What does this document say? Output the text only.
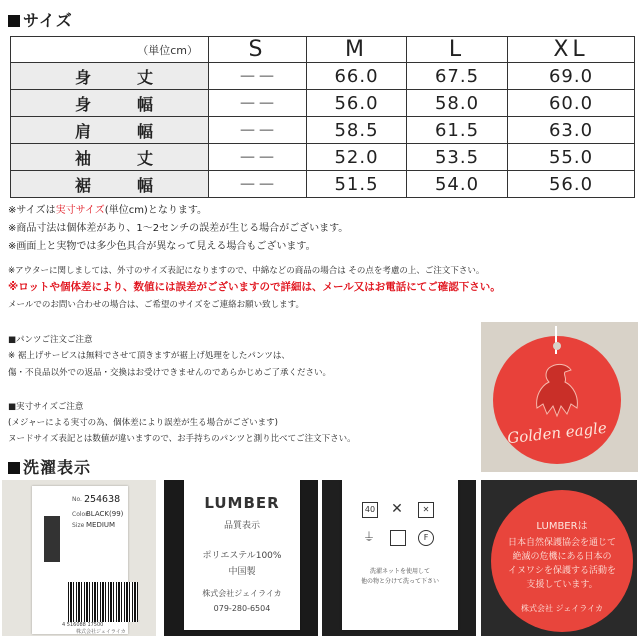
サイズ
（単位cm）	S	M	L	XL
身 丈	－－	66.0	67.5	69.0
身 幅	－－	56.0	58.0	60.0
肩 幅	－－	58.5	61.5	63.0
袖 丈	－－	52.0	53.5	55.0
裾 幅	－－	51.5	54.0	56.0
※サイズは実寸サイズ(単位cm)となります。
※商品寸法は個体差があり、1～2センチの誤差が生じる場合がございます。
※画面上と実物では多少色具合が異なって見える場合もございます。
※アウターに関しましては、外寸のサイズ表記になりますので、中綿などの商品の場合は その点を考慮の上、ご注文下さい。
※ロットや個体差により、数値には誤差がございますので詳細は、メール又はお電話にてご確認下さい。
メールでのお問い合わせの場合は、ご希望のサイズをご連絡お願い致します。
■パンツご注文ご注意
※ 裾上げサービスは無料でさせて頂きますが裾上げ処理をしたパンツは、
傷・不良品以外での返品・交換はお受けできませんのであらかじめご了承ください。
■実寸サイズご注意
(メジャーによる実寸の為、個体差により誤差が生る場合がございます)
ヌードサイズ表記とは数値が違いますので、お手持ちのパンツと測り比べてご注文下さい。	Golden eagle
洗濯表示
No. 254638
Color
BLACK(99)
Size MEDIUM
4 516088 17500
株式会社ジェイライカ
LUMBER
品質表示
ポリエステル100%
中国製
株式会社ジェイライカ
079-280-6504
40 ✕	✕
⏚	F
洗濯ネットを使用して
他の物と分けて洗って下さい
LUMBERは
日本自然保護協会を通じて
絶滅の危機にある日本の
イヌワシを保護する活動を
支援しています。
株式会社 ジェイライカ
